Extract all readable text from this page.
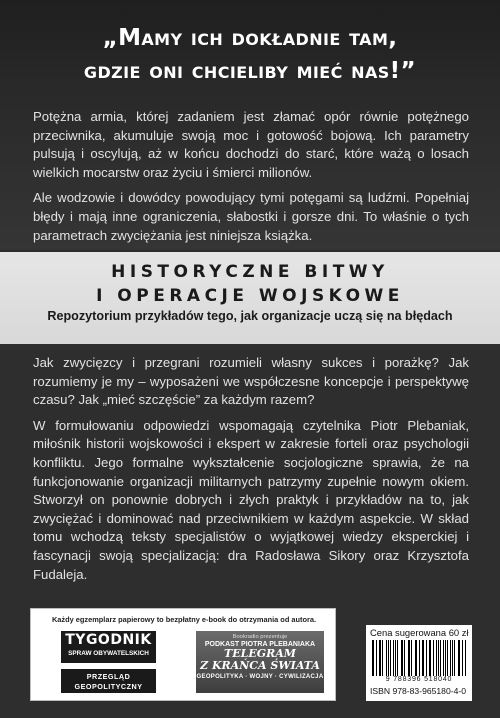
„Mamy ich dokładnie tam,
gdzie oni chcieliby mieć nas!”

Potężna armia, której zadaniem jest złamać opór równie potężnego przeciwnika, akumuluje swoją moc i gotowość bojową. Ich parametry pulsują i oscylują, aż w końcu dochodzi do starć, które ważą o losach wielkich mocarstw oraz życiu i śmierci milionów.

Ale wodzowie i dowódcy powodujący tymi potęgami są ludźmi. Popełniaj błędy i mają inne ograniczenia, słabostki i gorsze dni. To właśnie o tych parametrach zwyciężania jest niniejsza książka.

HISTORYCZNE BITWY
I OPERACJE WOJSKOWE
Repozytorium przykładów tego, jak organizacje uczą się na błędach

Jak zwycięzcy i przegrani rozumieli własny sukces i porażkę? Jak rozumiemy je my – wyposażeni we współczesne koncepcje i perspektywę czasu? Jak „mieć szczęście” za każdym razem?

W formułowaniu odpowiedzi wspomagają czytelnika Piotr Plebaniak, miłośnik historii wojskowości i ekspert w zakresie forteli oraz psychologii konfliktu. Jego formalne wykształcenie socjologiczne sprawia, że na funkcjonowanie organizacji militarnych patrzymy zupełnie nowym okiem. Stworzył on ponownie dobrych i złych praktyk i przykładów na to, jak zwyciężać i dominować nad przeciwnikiem w każdym aspekcie. W skład tomu wchodzą teksty specjalistów o wyjątkowej wiedzy eksperckiej i fascynacji swoją specjalizacją: dra Radosława Sikory oraz Krzysztofa Fudaleja.

Każdy egzemplarz papierowy to bezpłatny e-book do otrzymania od autora.
TYGODNIK
SPRAW OBYWATELSKICH
PRZEGLĄD
GEOPOLITYCZNY
Bookradio prezentuje
PODKAST PIOTRA PLEBANIAKA
TELEGRAM
Z KRAŃCA ŚWIATA
GEOPOLITYKA · WOJNY · CYWILIZACJA
Cena sugerowana 60 zł
9 788396 518040
ISBN 978-83-965180-4-0
